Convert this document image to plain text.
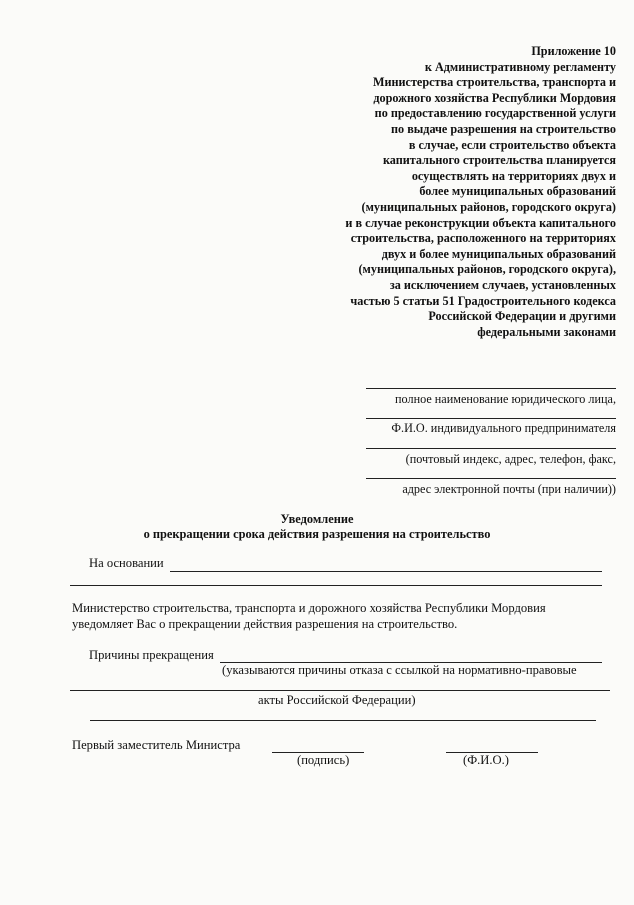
Приложение 10
к Административному регламенту
Министерства строительства, транспорта и
дорожного хозяйства Республики Мордовия
по предоставлению государственной услуги
по выдаче разрешения на строительство
в случае, если строительство объекта
капитального строительства планируется
осуществлять на территориях двух и
более муниципальных образований
(муниципальных районов, городского округа)
и в случае реконструкции объекта капитального
строительства, расположенного на территориях
двух и более муниципальных образований
(муниципальных районов, городского округа),
за исключением случаев, установленных
частью 5 статьи 51 Градостроительного кодекса
Российской Федерации и другими
федеральными законами
полное наименование юридического лица,
Ф.И.О. индивидуального предпринимателя
(почтовый индекс, адрес, телефон, факс,
адрес электронной почты (при наличии))
Уведомление
о прекращении срока действия разрешения на строительство
На основании
Министерство строительства, транспорта и дорожного хозяйства Республики Мордовия
уведомляет Вас о прекращении действия разрешения на строительство.
Причины прекращения
(указываются причины отказа с ссылкой на нормативно-правовые
акты Российской Федерации)
Первый заместитель Министра
(подпись)	(Ф.И.О.)
